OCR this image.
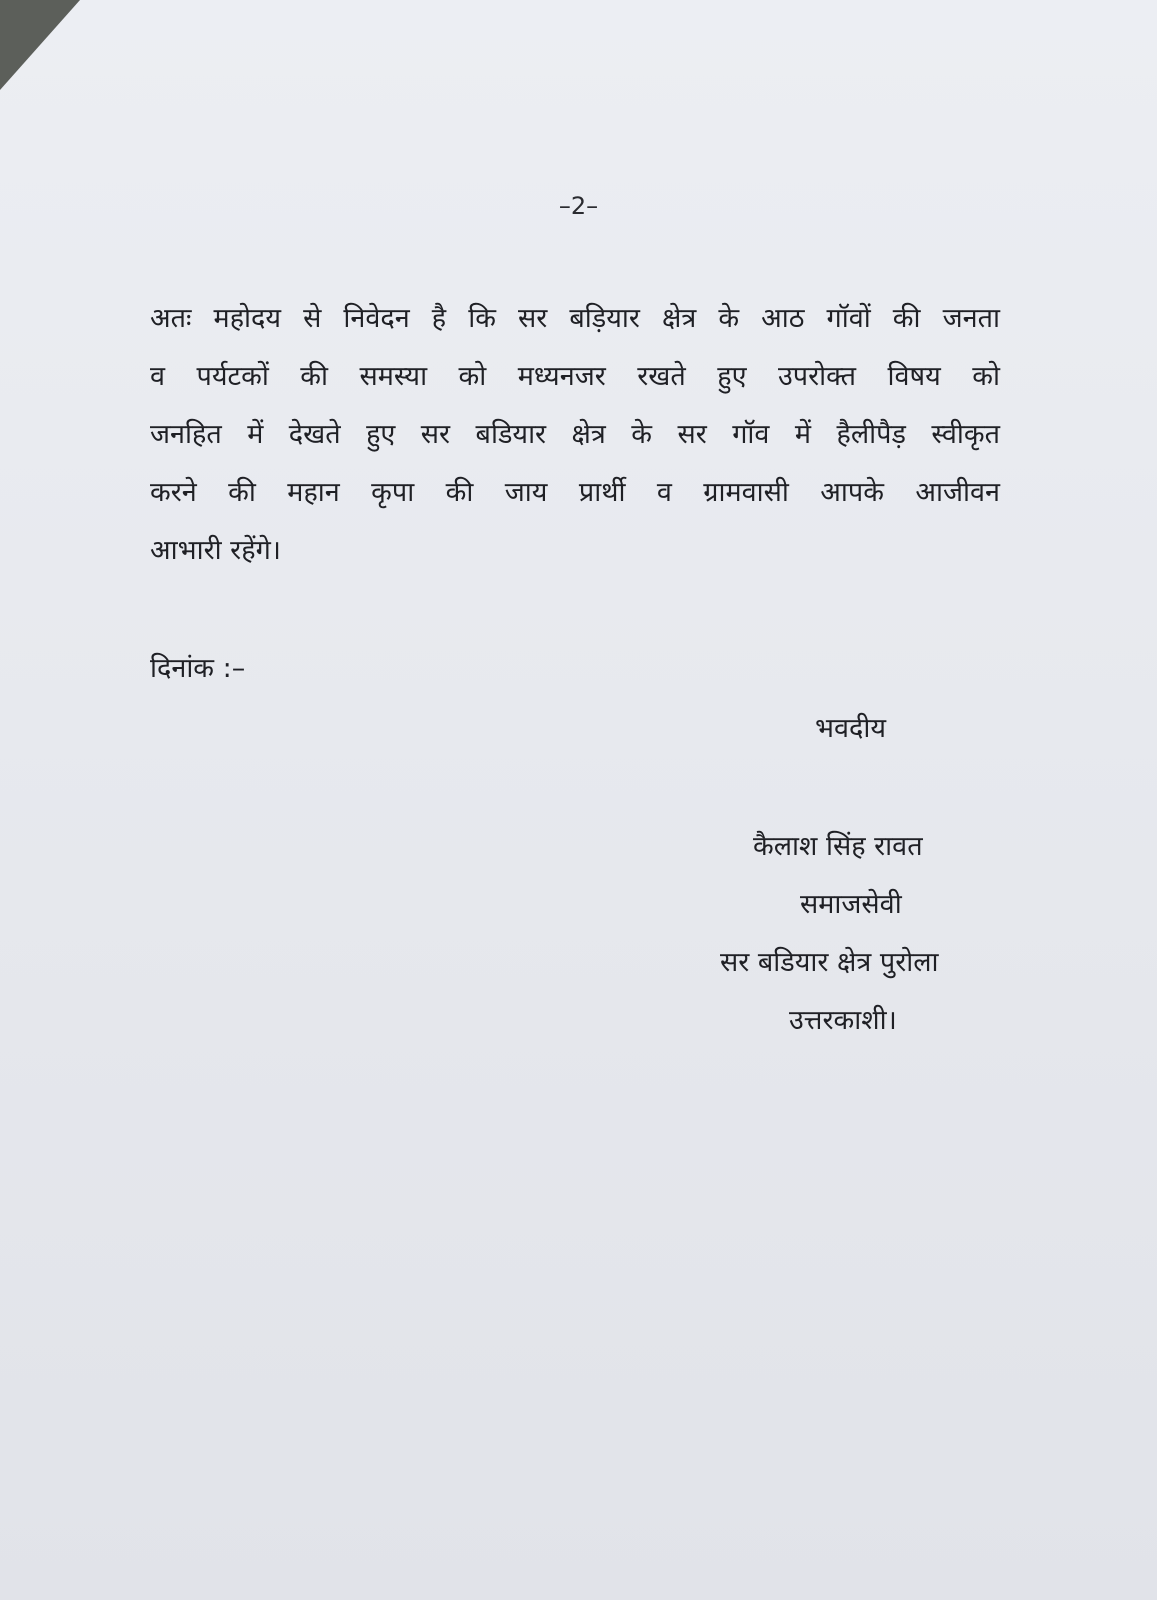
–2–
अतः महोदय से निवेदन है कि सर बड़ियार क्षेत्र के आठ गॉवों की जनता
व पर्यटकों की समस्या को मध्यनजर रखते हुए उपरोक्त विषय को
जनहित में देखते हुए सर बडियार क्षेत्र के सर गॉव में हैलीपैड़ स्वीकृत
करने की महान कृपा की जाय प्रार्थी व ग्रामवासी आपके आजीवन
आभारी रहेंगे।
दिनांक :–
भवदीय
कैलाश सिंह रावत
समाजसेवी
सर बडियार क्षेत्र पुरोला
उत्तरकाशी।
